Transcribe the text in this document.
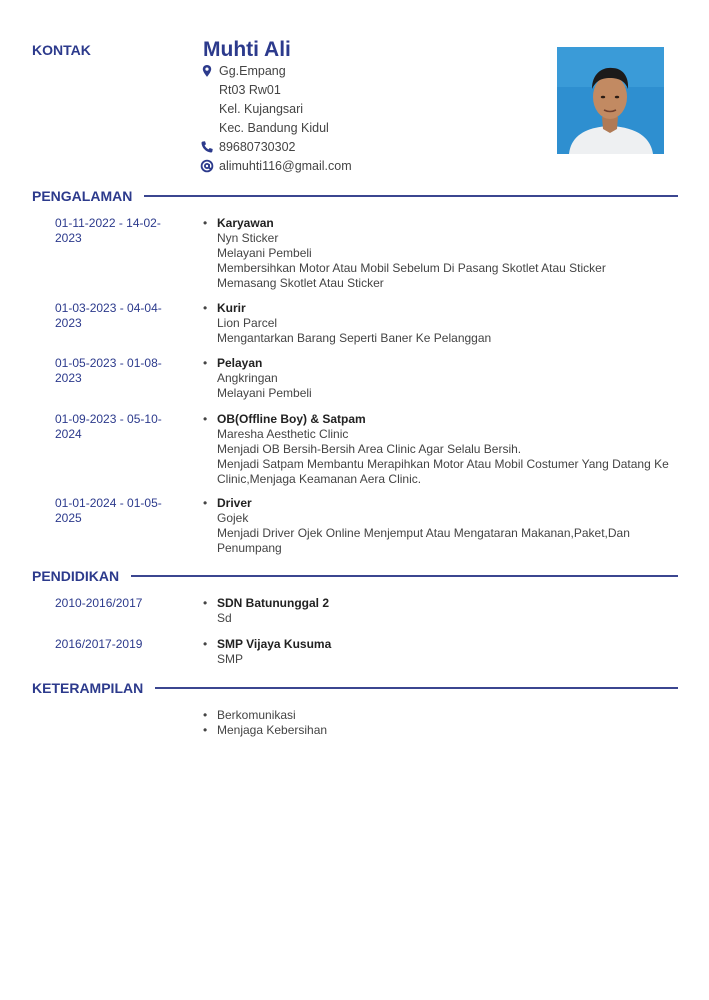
KONTAK	Muhti Ali
Gg.Empang
Rt03 Rw01
Kel. Kujangsari
Kec. Bandung Kidul
89680730302
alimuhti116@gmail.com
PENGALAMAN
01-11-2022 - 14-02-2023
• Karyawan
Nyn Sticker
Melayani Pembeli
Membersihkan Motor Atau Mobil Sebelum Di Pasang Skotlet Atau Sticker
Memasang Skotlet Atau Sticker
01-03-2023 - 04-04-2023
• Kurir
Lion Parcel
Mengantarkan Barang Seperti Baner Ke Pelanggan
01-05-2023 - 01-08-2023
• Pelayan
Angkringan
Melayani Pembeli
01-09-2023 - 05-10-2024
• OB(Offline Boy) & Satpam
Maresha Aesthetic Clinic
Menjadi OB Bersih-Bersih Area Clinic Agar Selalu Bersih.
Menjadi Satpam Membantu Merapihkan Motor Atau Mobil Costumer Yang Datang Ke Clinic,Menjaga Keamanan Aera Clinic.
01-01-2024 - 01-05-2025
• Driver
Gojek
Menjadi Driver Ojek Online Menjemput Atau Mengataran Makanan,Paket,Dan Penumpang
PENDIDIKAN
2010-2016/2017	• SDN Batununggal 2
Sd
2016/2017-2019	• SMP Vijaya Kusuma
SMP
KETERAMPILAN
• Berkomunikasi
• Menjaga Kebersihan
